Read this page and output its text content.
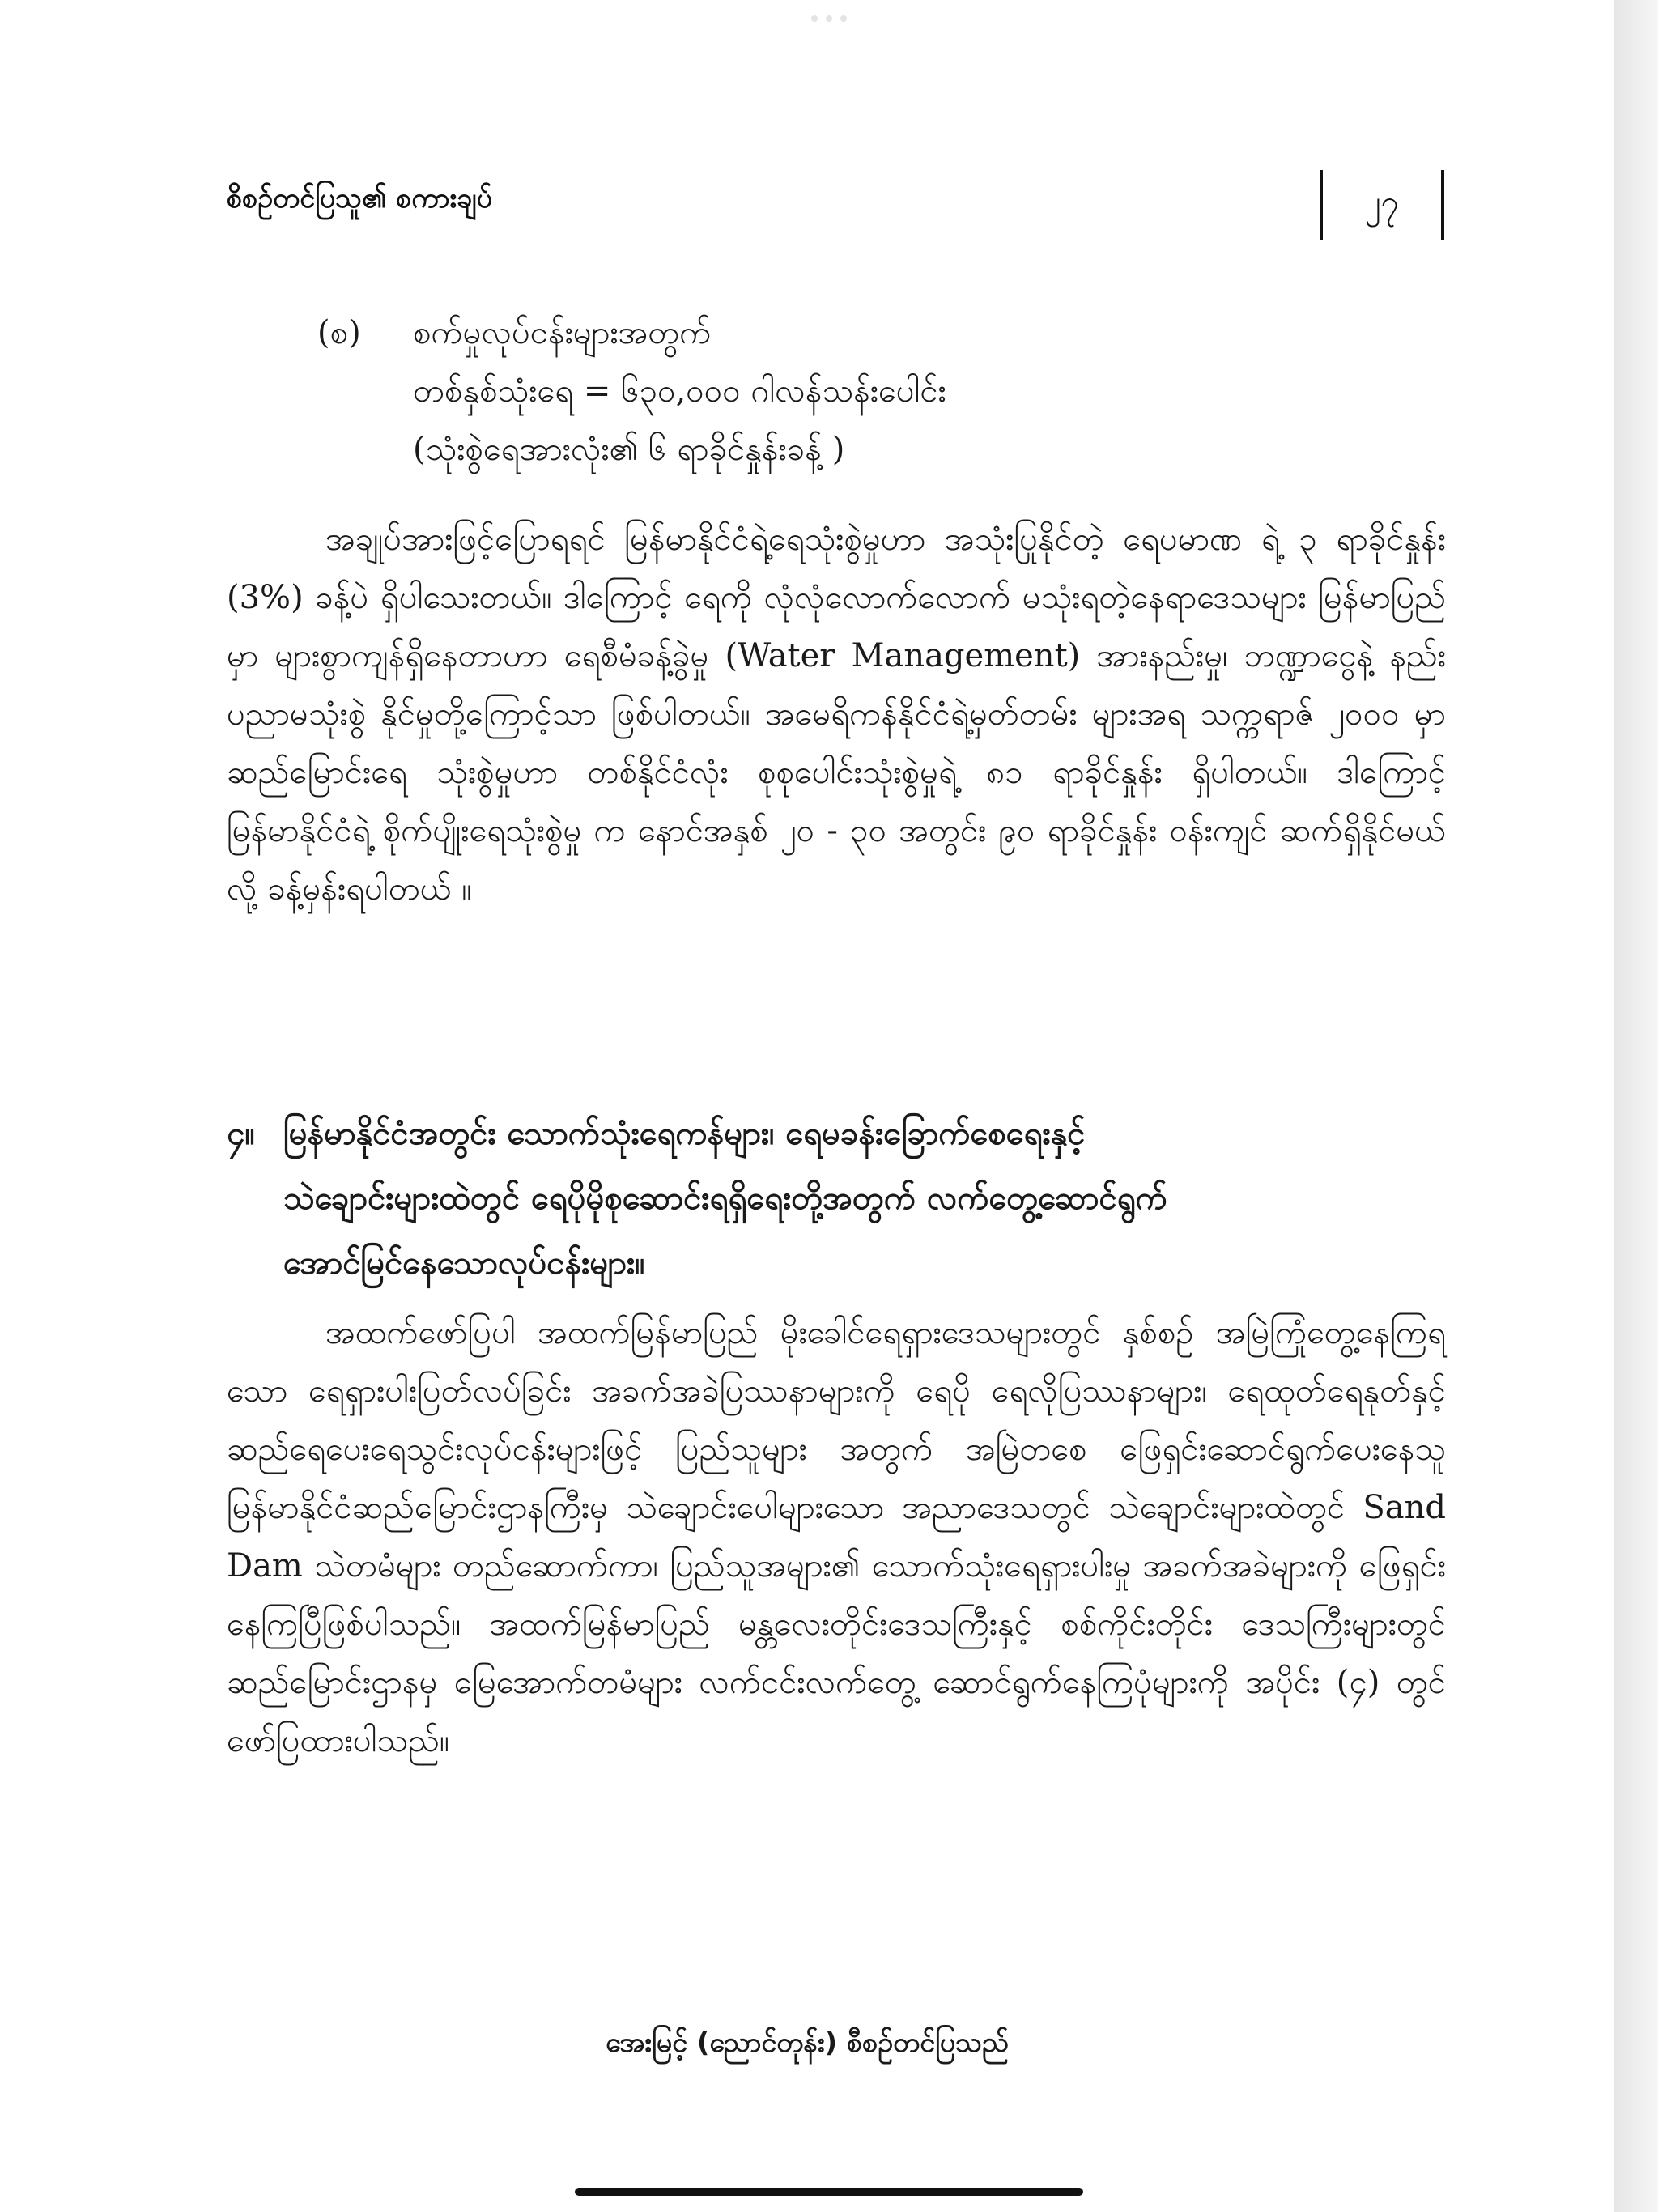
စိစဉ်တင်ပြသူ၏ စကားချပ်	၂၇
(စ) စက်မှုလုပ်ငန်းများအတွက်
တစ်နှစ်သုံးရေ = ၆၃၀,၀၀၀ ဂါလန်သန်းပေါင်း
(သုံးစွဲရေအားလုံး၏ ၆ ရာခိုင်နှုန်းခန့် )
အချုပ်အားဖြင့်ပြောရရင် မြန်မာနိုင်ငံရဲ့ရေသုံးစွဲမှုဟာ အသုံးပြုနိုင်တဲ့ ရေပမာဏ ရဲ့ ၃ ရာခိုင်နှုန်း (3%) ခန့်ပဲ ရှိပါသေးတယ်။ ဒါကြောင့် ရေကို လုံလုံလောက်လောက် မသုံးရတဲ့နေရာဒေသများ မြန်မာပြည်မှာ များစွာကျန်ရှိနေတာဟာ ရေစီမံခန့်ခွဲမှု (Water Management) အားနည်းမှု၊ ဘဏ္ဍာငွေနဲ့ နည်းပညာမသုံးစွဲ နိုင်မှုတို့ကြောင့်သာ ဖြစ်ပါတယ်။ အမေရိကန်နိုင်ငံရဲ့မှတ်တမ်း များအရ သက္ကရာဇ် ၂၀၀၀ မှာ ဆည်မြောင်းရေ သုံးစွဲမှုဟာ တစ်နိုင်ငံလုံး စုစုပေါင်းသုံးစွဲမှုရဲ့ ၈၁ ရာခိုင်နှုန်း ရှိပါတယ်။ ဒါကြောင့် မြန်မာနိုင်ငံရဲ့ စိုက်ပျိုးရေသုံးစွဲမှု က နောင်အနှစ် ၂၀ - ၃၀ အတွင်း ၉၀ ရာခိုင်နှုန်း ဝန်းကျင် ဆက်ရှိနိုင်မယ်လို့ ခန့်မှန်းရပါတယ် ။
၄။ မြန်မာနိုင်ငံအတွင်း သောက်သုံးရေကန်များ၊ ရေမခန်းခြောက်စေရေးနှင့်
သဲချောင်းများထဲတွင် ရေပိုမိုစုဆောင်းရရှိရေးတို့အတွက် လက်တွေ့ဆောင်ရွက်
အောင်မြင်နေသောလုပ်ငန်းများ။
အထက်ဖော်ပြပါ အထက်မြန်မာပြည် မိုးခေါင်ရေရှားဒေသများတွင် နှစ်စဉ် အမြဲကြုံတွေ့နေကြရသော ရေရှားပါးပြတ်လပ်ခြင်း အခက်အခဲပြဿနာများကို ရေပို ရေလိုပြဿနာများ၊ ရေထုတ်ရေနုတ်နှင့် ဆည်ရေပေးရေသွင်းလုပ်ငန်းများဖြင့် ပြည်သူများ အတွက် အမြဲတစေ ဖြေရှင်းဆောင်ရွက်ပေးနေသူ မြန်မာနိုင်ငံဆည်မြောင်းဌာနကြီးမှ သဲချောင်းပေါများသော အညာဒေသတွင် သဲချောင်းများထဲတွင် Sand Dam သဲတမံများ တည်ဆောက်ကာ၊ ပြည်သူအများ၏ သောက်သုံးရေရှားပါးမှု အခက်အခဲများကို ဖြေရှင်း နေကြပြီဖြစ်ပါသည်။ အထက်မြန်မာပြည် မန္တလေးတိုင်းဒေသကြီးနှင့် စစ်ကိုင်းတိုင်း ဒေသကြီးများတွင် ဆည်မြောင်းဌာနမှ မြေအောက်တမံများ လက်ငင်းလက်တွေ့ ဆောင်ရွက်နေကြပုံများကို အပိုင်း (၄) တွင် ဖော်ပြထားပါသည်။
အေးမြင့် (ညောင်တုန်း) စီစဉ်တင်ပြသည်
